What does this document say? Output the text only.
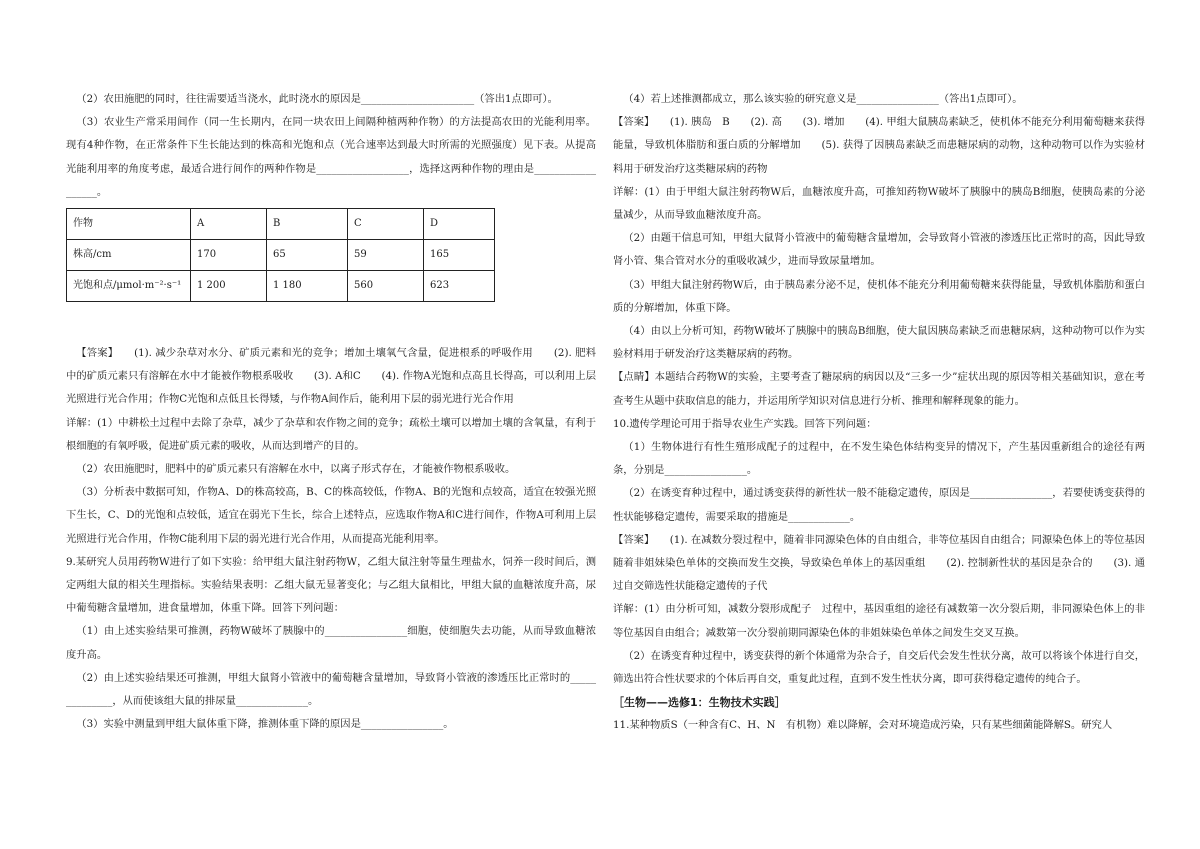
（2）农田施肥的同时，往往需要适当浇水，此时浇水的原因是______________________（答出1点即可）。

（3）农业生产常采用间作（同一生长期内，在同一块农田上间隔种植两种作物）的方法提高农田的光能利用率。现有4种作物，在正常条件下生长能达到的株高和光饱和点（光合速率达到最大时所需的光照强度）见下表。从提高光能利用率的角度考虑，最适合进行间作的两种作物是__________________，选择这两种作物的理由是__________________。

作物	A	B	C	D
株高/cm	170	65	59	165
光饱和点/μmol·m⁻²·s⁻¹	1 200	1 180	560	623

【答案】　　(1). 减少杂草对水分、矿质元素和光的竞争；增加土壤氧气含量，促进根系的呼吸作用　　(2). 肥料中的矿质元素只有溶解在水中才能被作物根系吸收　　(3). A和C　　(4). 作物A光饱和点高且长得高，可以利用上层光照进行光合作用；作物C光饱和点低且长得矮，与作物A间作后，能利用下层的弱光进行光合作用

详解：(1）中耕松土过程中去除了杂草，减少了杂草和农作物之间的竞争；疏松土壤可以增加土壤的含氧量，有利于根细胞的有氧呼吸，促进矿质元素的吸收，从而达到增产的目的。

（2）农田施肥时，肥料中的矿质元素只有溶解在水中，以离子形式存在，才能被作物根系吸收。

（3）分析表中数据可知，作物A、D的株高较高，B、C的株高较低，作物A、B的光饱和点较高，适宜在较强光照下生长，C、D的光饱和点较低，适宜在弱光下生长，综合上述特点，应选取作物A和C进行间作，作物A可利用上层光照进行光合作用，作物C能利用下层的弱光进行光合作用，从而提高光能利用率。

9.某研究人员用药物W进行了如下实验：给甲组大鼠注射药物W，乙组大鼠注射等量生理盐水，饲养一段时间后，测定两组大鼠的相关生理指标。实验结果表明：乙组大鼠无显著变化；与乙组大鼠相比，甲组大鼠的血糖浓度升高，尿中葡萄糖含量增加，进食量增加，体重下降。回答下列问题：

（1）由上述实验结果可推测，药物W破坏了胰腺中的________________细胞，使细胞失去功能，从而导致血糖浓度升高。

（2）由上述实验结果还可推测，甲组大鼠肾小管液中的葡萄糖含量增加，导致肾小管液的渗透压比正常时的______________，从而使该组大鼠的排尿量______________。

（3）实验中测量到甲组大鼠体重下降，推测体重下降的原因是________________。

（4）若上述推测都成立，那么该实验的研究意义是________________（答出1点即可）。

【答案】　　(1). 胰岛　B　　(2). 高　　(3). 增加　　(4). 甲组大鼠胰岛素缺乏，使机体不能充分利用葡萄糖来获得能量，导致机体脂肪和蛋白质的分解增加　　(5). 获得了因胰岛素缺乏而患糖尿病的动物，这种动物可以作为实验材料用于研发治疗这类糖尿病的药物

详解：(1）由于甲组大鼠注射药物W后，血糖浓度升高，可推知药物W破坏了胰腺中的胰岛B细胞，使胰岛素的分泌量减少，从而导致血糖浓度升高。

（2）由题干信息可知，甲组大鼠肾小管液中的葡萄糖含量增加，会导致肾小管液的渗透压比正常时的高，因此导致肾小管、集合管对水分的重吸收减少，进而导致尿量增加。

（3）甲组大鼠注射药物W后，由于胰岛素分泌不足，使机体不能充分利用葡萄糖来获得能量，导致机体脂肪和蛋白质的分解增加，体重下降。

（4）由以上分析可知，药物W破坏了胰腺中的胰岛B细胞，使大鼠因胰岛素缺乏而患糖尿病，这种动物可以作为实验材料用于研发治疗这类糖尿病的药物。

【点睛】本题结合药物W的实验，主要考查了糖尿病的病因以及“三多一少”症状出现的原因等相关基础知识，意在考查考生从题中获取信息的能力，并运用所学知识对信息进行分析、推理和解释现象的能力。

10.遗传学理论可用于指导农业生产实践。回答下列问题：

（1）生物体进行有性生殖形成配子的过程中，在不发生染色体结构变异的情况下，产生基因重新组合的途径有两条，分别是________________。

（2）在诱变育种过程中，通过诱变获得的新性状一般不能稳定遗传，原因是________________，若要使诱变获得的性状能够稳定遗传，需要采取的措施是____________。

【答案】　　(1). 在减数分裂过程中，随着非同源染色体的自由组合，非等位基因自由组合；同源染色体上的等位基因随着非姐妹染色单体的交换而发生交换，导致染色单体上的基因重组　　(2). 控制新性状的基因是杂合的　　(3). 通过自交筛选性状能稳定遗传的子代

详解：(1）由分析可知，减数分裂形成配子　过程中，基因重组的途径有减数第一次分裂后期，非同源染色体上的非等位基因自由组合；减数第一次分裂前期同源染色体的非姐妹染色单体之间发生交叉互换。

（2）在诱变育种过程中，诱变获得的新个体通常为杂合子，自交后代会发生性状分离，故可以将该个体进行自交，筛选出符合性状要求的个体后再自交，重复此过程，直到不发生性状分离，即可获得稳定遗传的纯合子。

［生物——选修1：生物技术实践］

11.某种物质S（一种含有C、H、N　有机物）难以降解，会对环境造成污染，只有某些细菌能降解S。研究人
